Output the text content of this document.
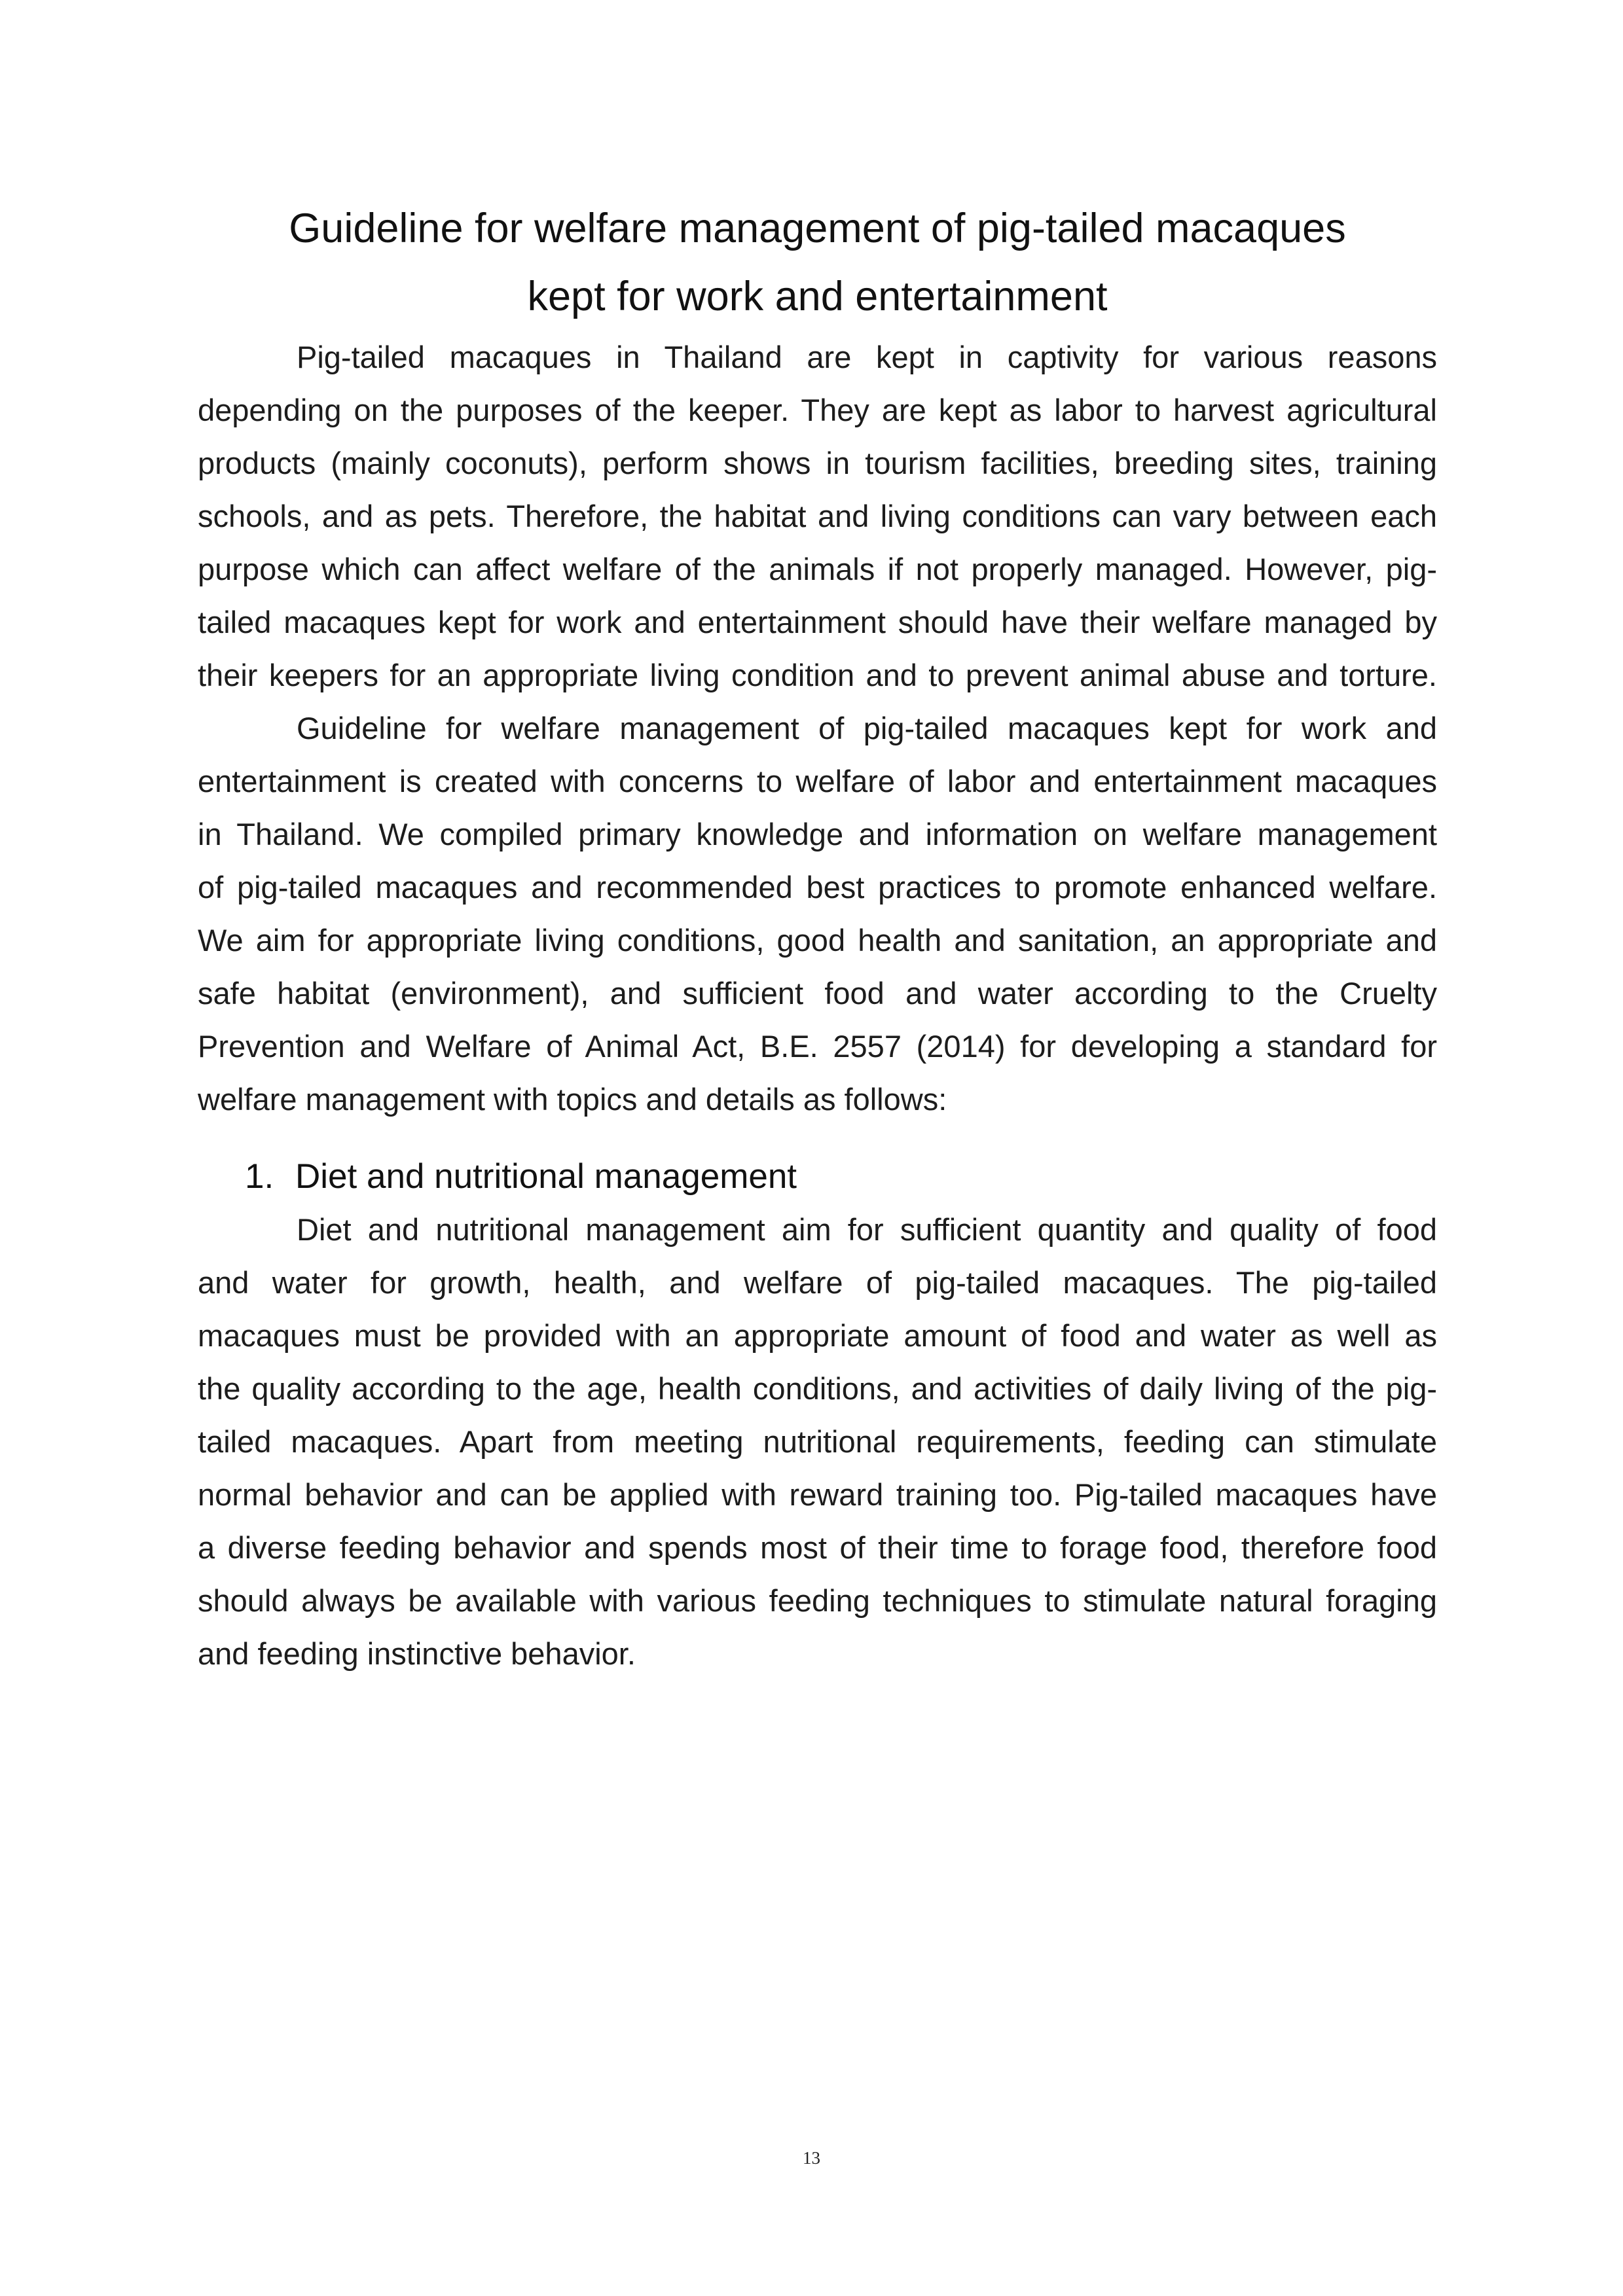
Guideline for welfare management of pig-tailed macaques
kept for work and entertainment
Pig-tailed macaques in Thailand are kept in captivity for various reasons
depending on the purposes of the keeper. They are kept as labor to harvest agricultural
products (mainly coconuts), perform shows in tourism facilities, breeding sites, training
schools, and as pets. Therefore, the habitat and living conditions can vary between each
purpose which can affect welfare of the animals if not properly managed. However, pig-
tailed macaques kept for work and entertainment should have their welfare managed by
their keepers for an appropriate living condition and to prevent animal abuse and torture.
Guideline for welfare management of pig-tailed macaques kept for work and
entertainment is created with concerns to welfare of labor and entertainment macaques
in Thailand. We compiled primary knowledge and information on welfare management
of pig-tailed macaques and recommended best practices to promote enhanced welfare.
We aim for appropriate living conditions, good health and sanitation, an appropriate and
safe habitat (environment), and sufficient food and water according to the Cruelty
Prevention and Welfare of Animal Act, B.E. 2557 (2014) for developing a standard for
welfare management with topics and details as follows:
1. Diet and nutritional management
Diet and nutritional management aim for sufficient quantity and quality of food
and water for growth, health, and welfare of pig-tailed macaques. The pig-tailed
macaques must be provided with an appropriate amount of food and water as well as
the quality according to the age, health conditions, and activities of daily living of the pig-
tailed macaques. Apart from meeting nutritional requirements, feeding can stimulate
normal behavior and can be applied with reward training too. Pig-tailed macaques have
a diverse feeding behavior and spends most of their time to forage food, therefore food
should always be available with various feeding techniques to stimulate natural foraging
and feeding instinctive behavior.
13
